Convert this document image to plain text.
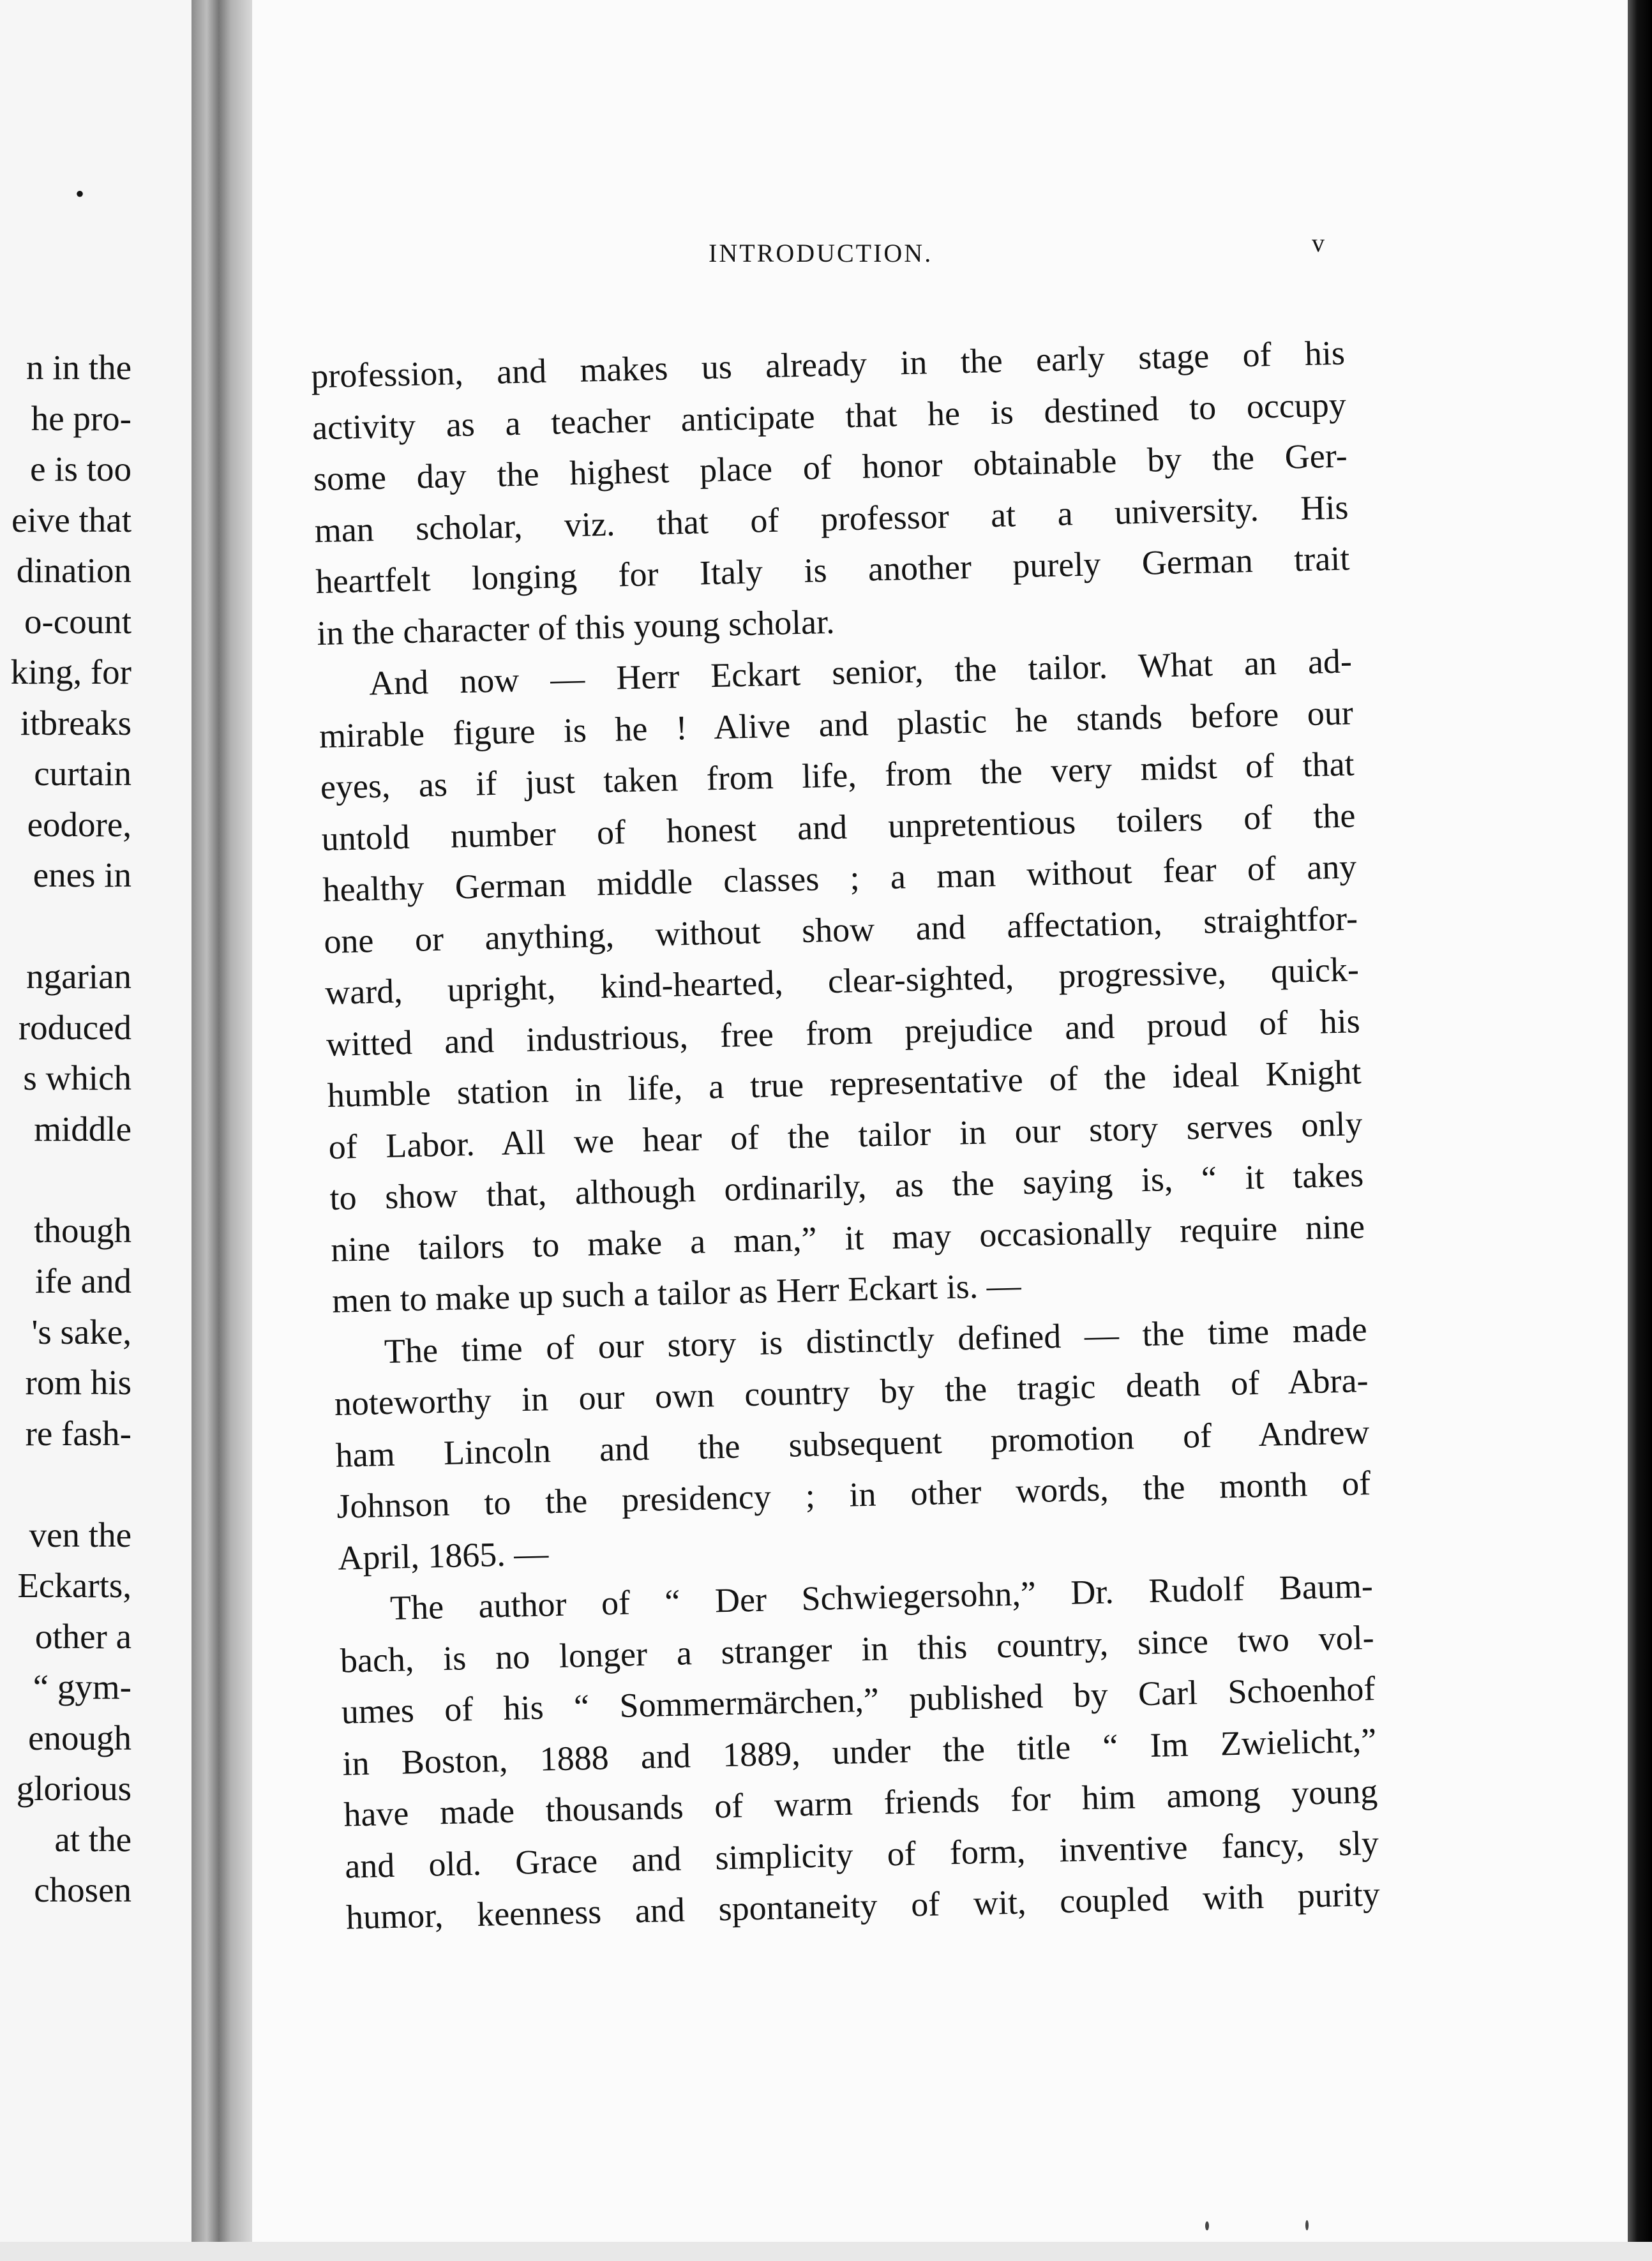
•
n in the
he pro-
e is too
eive that
dination
o-count
king, for
itbreaks
curtain
eodore,
enes in
ngarian
roduced
s which
middle
though
ife and
's sake,
rom his
re fash-
ven the
Eckarts,
other a
“ gym-
enough
glorious
at the
chosen
INTRODUCTION.	v
profession, and makes us already in the early stage of his
activity as a teacher anticipate that he is destined to occupy
some day the highest place of honor obtainable by the Ger-
man scholar, viz. that of professor at a university. His
heartfelt longing for Italy is another purely German trait
in the character of this young scholar.
And now — Herr Eckart senior, the tailor. What an ad-
mirable figure is he ! Alive and plastic he stands before our
eyes, as if just taken from life, from the very midst of that
untold number of honest and unpretentious toilers of the
healthy German middle classes ; a man without fear of any
one or anything, without show and affectation, straightfor-
ward, upright, kind-hearted, clear-sighted, progressive, quick-
witted and industrious, free from prejudice and proud of his
humble station in life, a true representative of the ideal Knight
of Labor. All we hear of the tailor in our story serves only
to show that, although ordinarily, as the saying is, “ it takes
nine tailors to make a man,” it may occasionally require nine
men to make up such a tailor as Herr Eckart is. —
The time of our story is distinctly defined — the time made
noteworthy in our own country by the tragic death of Abra-
ham Lincoln and the subsequent promotion of Andrew
Johnson to the presidency ; in other words, the month of
April, 1865. —
The author of “ Der Schwiegersohn,” Dr. Rudolf Baum-
bach, is no longer a stranger in this country, since two vol-
umes of his “ Sommermärchen,” published by Carl Schoenhof
in Boston, 1888 and 1889, under the title “ Im Zwielicht,”
have made thousands of warm friends for him among young
and old. Grace and simplicity of form, inventive fancy, sly
humor, keenness and spontaneity of wit, coupled with purity
